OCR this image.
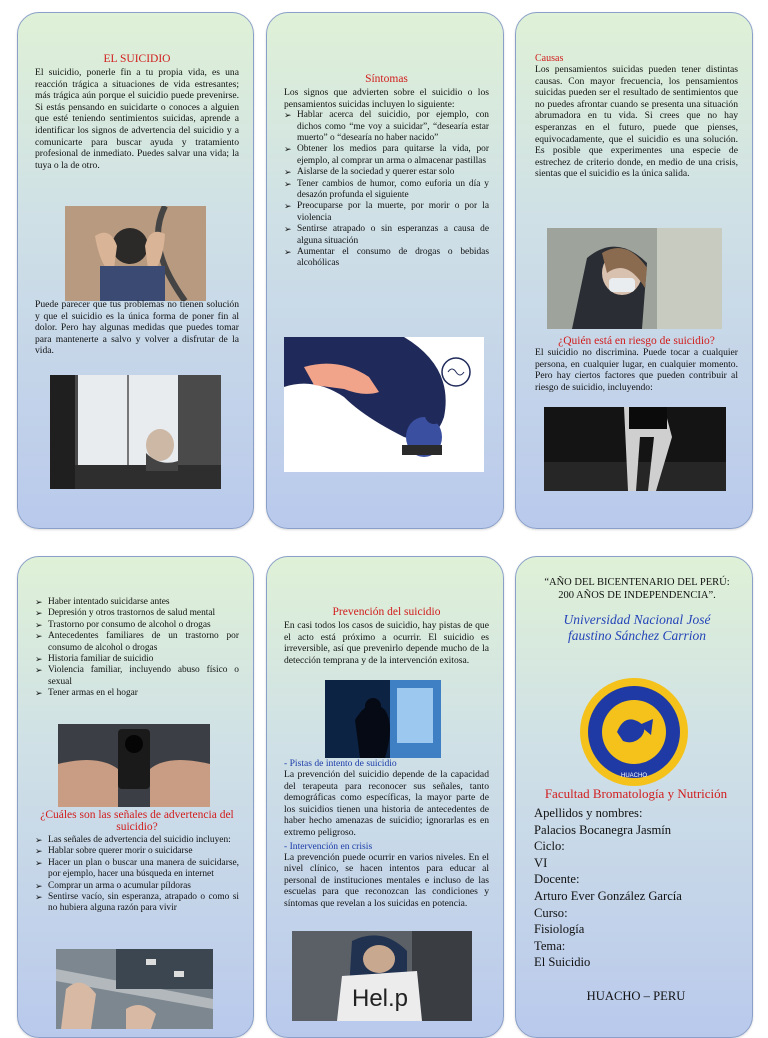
EL SUICIDIO

El suicidio, ponerle fin a tu propia vida, es una reacción trágica a situaciones de vida estresantes; más trágica aún porque el suicidio puede prevenirse. Si estás pensando en suicidarte o conoces a alguien que esté teniendo sentimientos suicidas, aprende a identificar los signos de advertencia del suicidio y a comunicarte para buscar ayuda y tratamiento profesional de inmediato. Puedes salvar una vida; la tuya o la de otro.

Puede parecer que tus problemas no tienen solución y que el suicidio es la única forma de poner fin al dolor. Pero hay algunas medidas que puedes tomar para mantenerte a salvo y volver a disfrutar de la vida.

Síntomas

Los signos que advierten sobre el suicidio o los pensamientos suicidas incluyen lo siguiente:

➢ Hablar acerca del suicidio, por ejemplo, con dichos como “me voy a suicidar”, “desearía estar muerto” o “desearía no haber nacido”
➢ Obtener los medios para quitarse la vida, por ejemplo, al comprar un arma o almacenar pastillas
➢ Aislarse de la sociedad y querer estar solo
➢ Tener cambios de humor, como euforia un día y desazón profunda el siguiente
➢ Preocuparse por la muerte, por morir o por la violencia
➢ Sentirse atrapado o sin esperanzas a causa de alguna situación
➢ Aumentar el consumo de drogas o bebidas alcohólicas

Causas

Los pensamientos suicidas pueden tener distintas causas. Con mayor frecuencia, los pensamientos suicidas pueden ser el resultado de sentimientos que no puedes afrontar cuando se presenta una situación abrumadora en tu vida. Si crees que no hay esperanzas en el futuro, puede que pienses, equivocadamente, que el suicidio es una solución. Es posible que experimentes una especie de estrechez de criterio donde, en medio de una crisis, sientas que el suicidio es la única salida.

¿Quién está en riesgo de suicidio?

El suicidio no discrimina. Puede tocar a cualquier persona, en cualquier lugar, en cualquier momento. Pero hay ciertos factores que pueden contribuir al riesgo de suicidio, incluyendo:

➢ Haber intentado suicidarse antes
➢ Depresión y otros trastornos de salud mental
➢ Trastorno por consumo de alcohol o drogas
➢ Antecedentes familiares de un trastorno por consumo de alcohol o drogas
➢ Historia familiar de suicidio
➢ Violencia familiar, incluyendo abuso físico o sexual
➢ Tener armas en el hogar

¿Cuáles son las señales de advertencia del suicidio?

➢ Las señales de advertencia del suicidio incluyen:
➢ Hablar sobre querer morir o suicidarse
➢ Hacer un plan o buscar una manera de suicidarse, por ejemplo, hacer una búsqueda en internet
➢ Comprar un arma o acumular píldoras
➢ Sentirse vacío, sin esperanza, atrapado o como si no hubiera alguna razón para vivir

Prevención del suicidio

En casi todos los casos de suicidio, hay pistas de que el acto está próximo a ocurrir. El suicidio es irreversible, así que prevenirlo depende mucho de la detección temprana y de la intervención exitosa.

- Pistas de intento de suicidio

La prevención del suicidio depende de la capacidad del terapeuta para reconocer sus señales, tanto demográficas como específicas, la mayor parte de los suicidios tienen una historia de antecedentes de haber hecho amenazas de suicidio; ignorarlas es en extremo peligroso.

- Intervención en crisis

La prevención puede ocurrir en varios niveles. En el nivel clínico, se hacen intentos para educar al personal de instituciones mentales e incluso de las escuelas para que reconozcan las condiciones y síntomas que revelan a los suicidas en potencia.

Hel.p

“AÑO DEL BICENTENARIO DEL PERÚ: 200 AÑOS DE INDEPENDENCIA”.

Universidad Nacional José faustino Sánchez Carrion

HUACHO

Facultad Bromatología y Nutrición

Apellidos y nombres:
Palacios Bocanegra Jasmín
Ciclo:
VI
Docente:
Arturo Ever González García
Curso:
Fisiología
Tema:
El Suicidio

HUACHO – PERU
